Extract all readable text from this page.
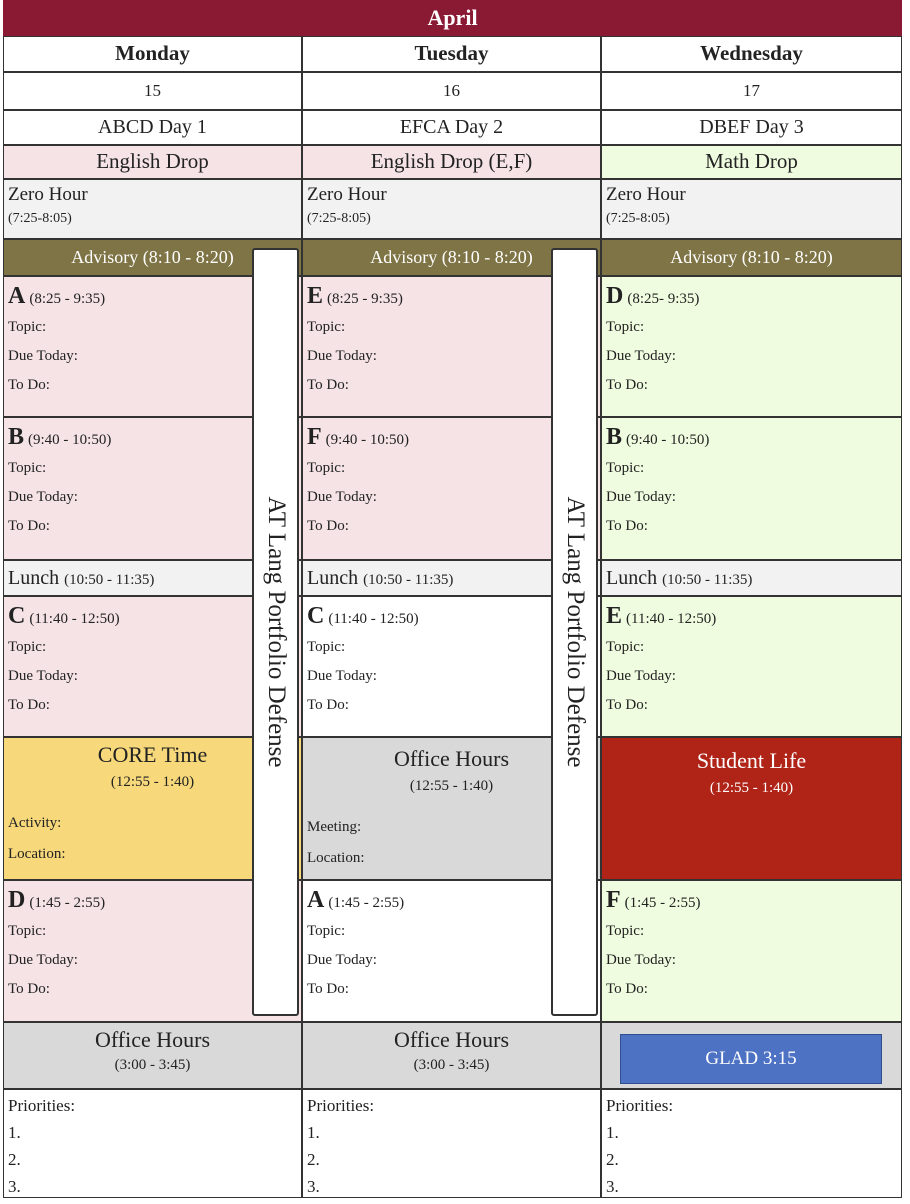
April
Monday
15
ABCD Day 1
English Drop
Zero Hour
(7:25-8:05)
Advisory (8:10 - 8:20)
A (8:25 - 9:35)
Topic:
Due Today:
To Do:
B (9:40 - 10:50)
Topic:
Due Today:
To Do:
Lunch (10:50 - 11:35)
C (11:40 - 12:50)
Topic:
Due Today:
To Do:
CORE Time
(12:55 - 1:40)
Activity:
Location:
D (1:45 - 2:55)
Topic:
Due Today:
To Do:
Office Hours
(3:00 - 3:45)
Priorities:
1.
2.
3.
Tuesday
16
EFCA Day 2
English Drop (E,F)
Zero Hour
(7:25-8:05)
Advisory (8:10 - 8:20)
E (8:25 - 9:35)
Topic:
Due Today:
To Do:
F (9:40 - 10:50)
Topic:
Due Today:
To Do:
Lunch (10:50 - 11:35)
C (11:40 - 12:50)
Topic:
Due Today:
To Do:
Office Hours
(12:55 - 1:40)
Meeting:
Location:
A (1:45 - 2:55)
Topic:
Due Today:
To Do:
Office Hours
(3:00 - 3:45)
Priorities:
1.
2.
3.
Wednesday
17
DBEF Day 3
Math Drop
Zero Hour
(7:25-8:05)
Advisory (8:10 - 8:20)
D (8:25- 9:35)
Topic:
Due Today:
To Do:
B (9:40 - 10:50)
Topic:
Due Today:
To Do:
Lunch (10:50 - 11:35)
E (11:40 - 12:50)
Topic:
Due Today:
To Do:
Student Life
(12:55 - 1:40)
F (1:45 - 2:55)
Topic:
Due Today:
To Do:
GLAD 3:15
Priorities:
1.
2.
3.
AT Lang Portfolio Defense	AT Lang Portfolio Defense
